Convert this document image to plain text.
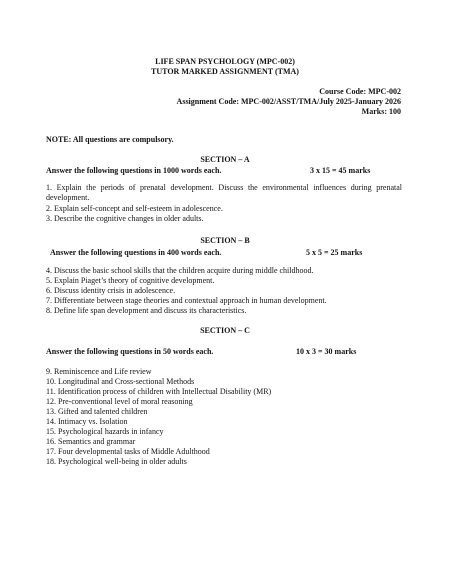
LIFE SPAN PSYCHOLOGY (MPC-002)
TUTOR MARKED ASSIGNMENT (TMA)
Course Code: MPC-002
Assignment Code: MPC-002/ASST/TMA/July 2025-January 2026
Marks: 100
NOTE: All questions are compulsory.
SECTION – A
Answer the following questions in 1000 words each.	3 x 15 = 45 marks
1. Explain the periods of prenatal development. Discuss the environmental influences during prenatal development.
2. Explain self-concept and self-esteem in adolescence.
3. Describe the cognitive changes in older adults.
SECTION – B
Answer the following questions in 400 words each.	5 x 5 = 25 marks
4. Discuss the basic school skills that the children acquire during middle childhood.
5. Explain Piaget’s theory of cognitive development.
6. Discuss identity crisis in adolescence.
7. Differentiate between stage theories and contextual approach in human development.
8. Define life span development and discuss its characteristics.
SECTION – C
Answer the following questions in 50 words each.	10 x 3 = 30 marks
9. Reminiscence and Life review
10. Longitudinal and Cross-sectional Methods
11. Identification process of children with Intellectual Disability (MR)
12. Pre-conventional level of moral reasoning
13. Gifted and talented children
14. Intimacy vs. Isolation
15. Psychological hazards in infancy
16. Semantics and grammar
17. Four developmental tasks of Middle Adulthood
18. Psychological well-being in older adults
